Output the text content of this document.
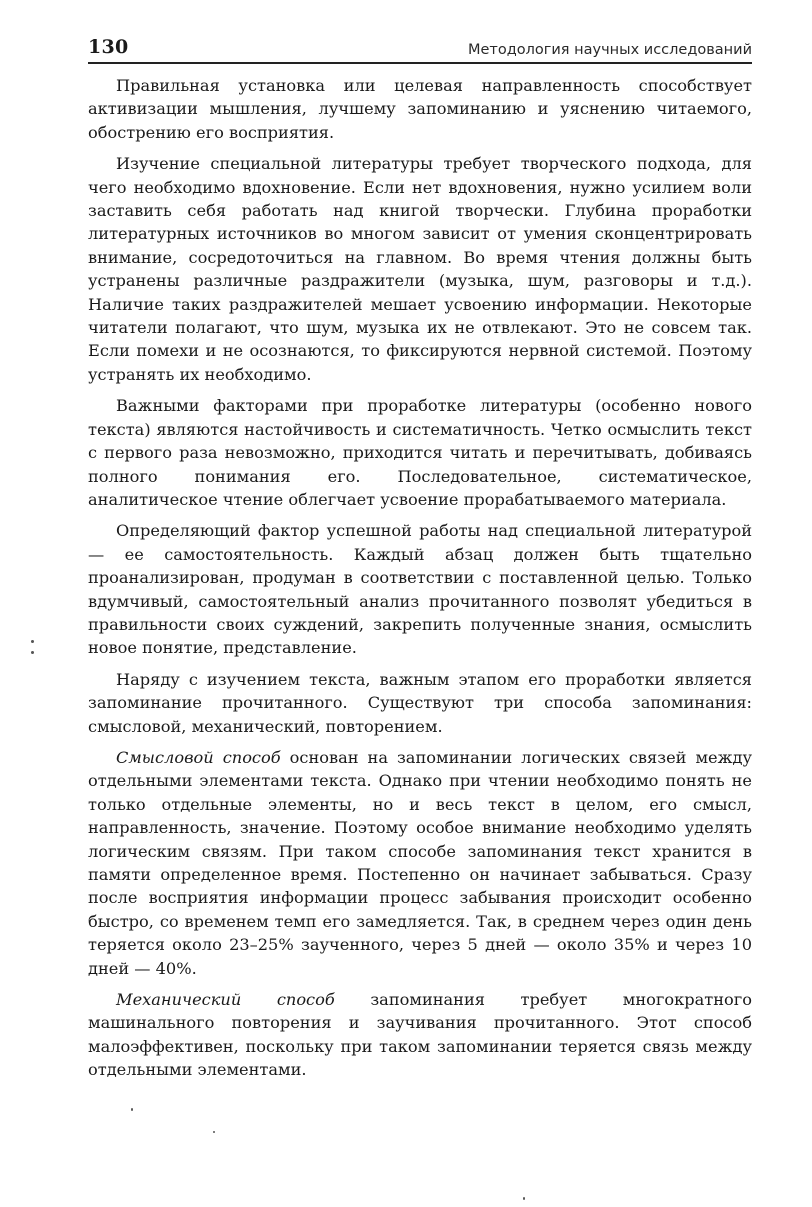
130	Методология научных исследований

Правильная установка или целевая направленность способствует активизации мышления, лучшему запоминанию и уяснению читаемого, обострению его восприятия.

Изучение специальной литературы требует творческого подхода, для чего необходимо вдохновение. Если нет вдохновения, нужно усилием воли заставить себя работать над книгой творчески. Глубина проработки литературных источников во многом зависит от умения сконцентрировать внимание, сосредоточиться на главном. Во время чтения должны быть устранены различные раздражители (музыка, шум, разговоры и т.д.). Наличие таких раздражителей мешает усвоению информации. Некоторые читатели полагают, что шум, музыка их не отвлекают. Это не совсем так. Если помехи и не осознаются, то фиксируются нервной системой. Поэтому устранять их необходимо.

Важными факторами при проработке литературы (особенно нового текста) являются настойчивость и систематичность. Четко осмыслить текст с первого раза невозможно, приходится читать и перечитывать, добиваясь полного понимания его. Последовательное, систематическое, аналитическое чтение облегчает усвоение прорабатываемого материала.

Определяющий фактор успешной работы над специальной литературой — ее самостоятельность. Каждый абзац должен быть тщательно проанализирован, продуман в соответствии с поставленной целью. Только вдумчивый, самостоятельный анализ прочитанного позволят убедиться в правильности своих суждений, закрепить полученные знания, осмыслить новое понятие, представление.

Наряду с изучением текста, важным этапом его проработки является запоминание прочитанного. Существуют три способа запоминания: смысловой, механический, повторением.

Смысловой способ основан на запоминании логических связей между отдельными элементами текста. Однако при чтении необходимо понять не только отдельные элементы, но и весь текст в целом, его смысл, направленность, значение. Поэтому особое внимание необходимо уделять логическим связям. При таком способе запоминания текст хранится в памяти определенное время. Постепенно он начинает забываться. Сразу после восприятия информации процесс забывания происходит особенно быстро, со временем темп его замедляется. Так, в среднем через один день теряется около 23–25% заученного, через 5 дней — около 35% и через 10 дней — 40%.

Механический способ запоминания требует многократного машинального повторения и заучивания прочитанного. Этот способ малоэффективен, поскольку при таком запоминании теряется связь между отдельными элементами.
